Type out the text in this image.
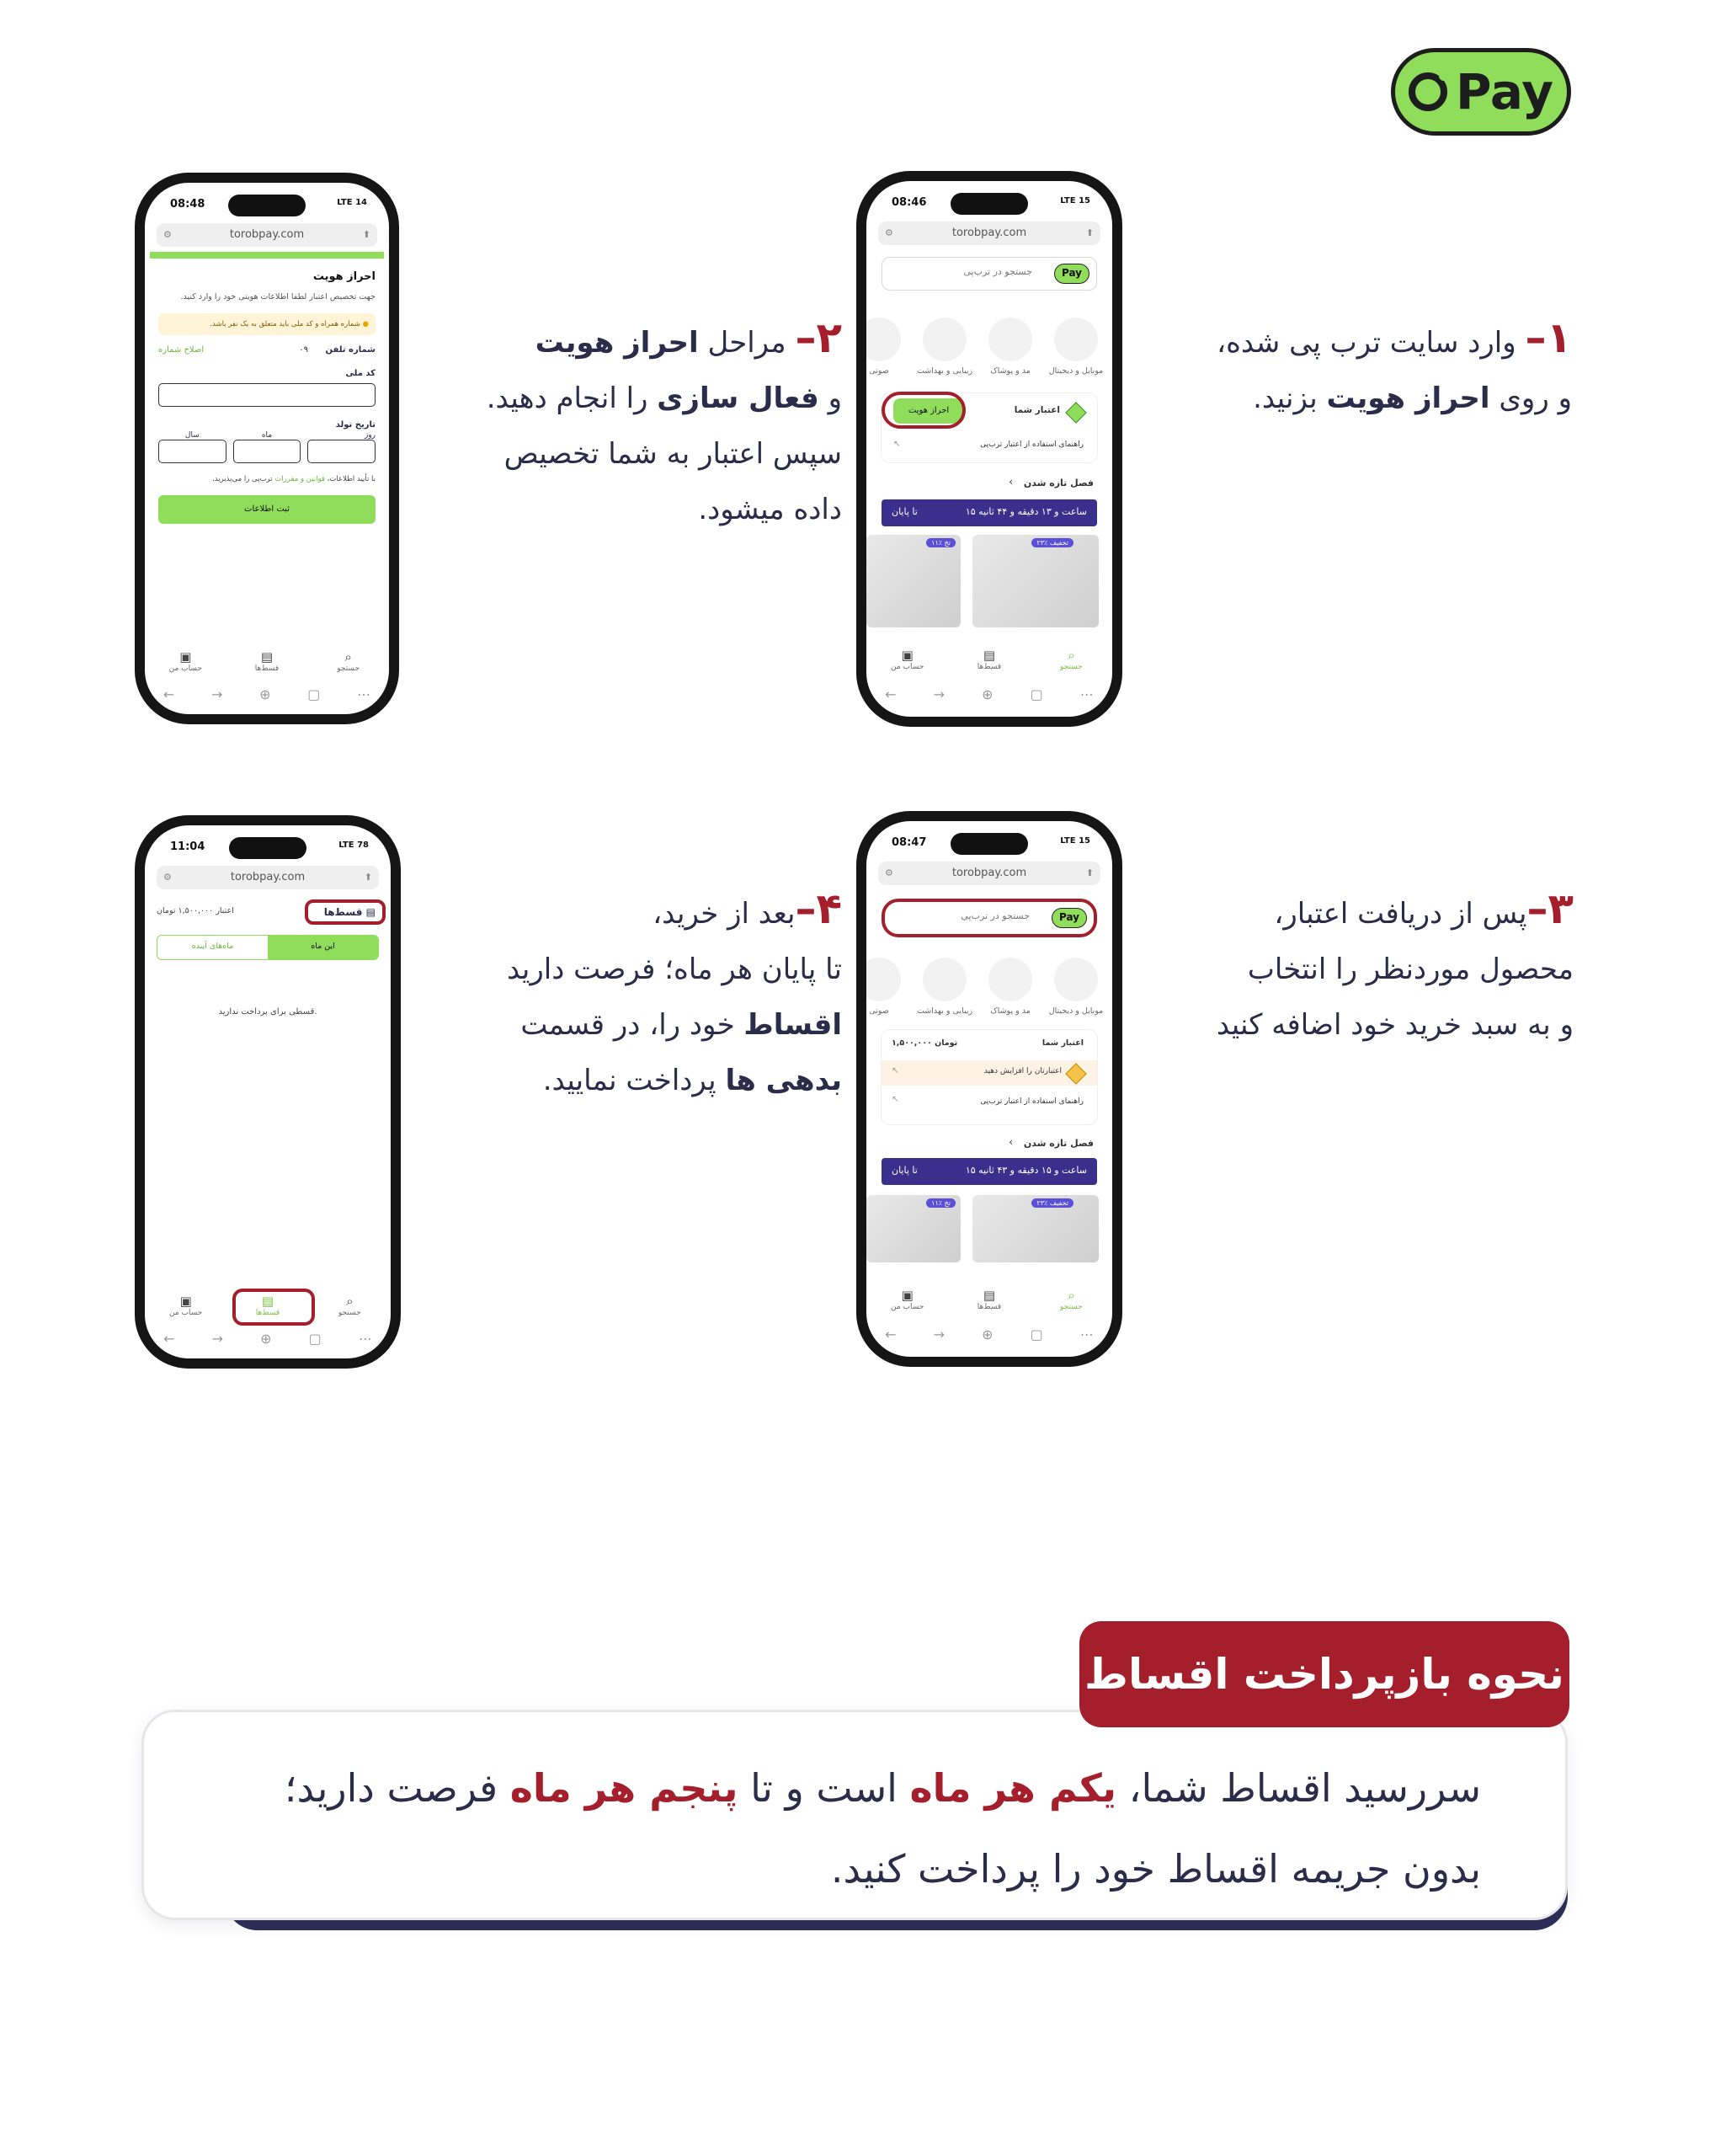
Pay
08:46	LTE 15
⚙	torobpay.com	⬆
Pay
جستجو در ترب‌پی
موبایل و دیجیتال
مد و پوشاک
زیبایی و بهداشت
صوتی
اعتبار شما
احراز هویت
راهنمای استفاده از اعتبار ترب‌پی
↖
فصل تازه شدن
‹
۱۵ ساعت و ۱۳ دقیقه و ۴۴ ثانیه
تا پایان
۲۳٪ تخفیف
۱۱٪ تخ
▣
حساب من
▤
قسط‌ها
⌕
جستجو
←	→	⊕	▢	⋯
08:48	LTE 14
⚙	torobpay.com	⬆
احراز هویت
جهت تخصیص اعتبار لطفا اطلاعات هویتی خود را وارد کنید.
● شماره همراه و کد ملی باید متعلق به یک نفر باشد.
شماره تلفن
۰۹
اصلاح شماره
کد ملی
تاریخ تولد
روز
ماه
سال
با تأیید اطلاعات، قوانین و مقررات ترب‌پی را می‌پذیرید.
ثبت اطلاعات
▣
حساب من
▤
قسط‌ها
⌕
جستجو
←	→	⊕	▢	⋯
08:47	LTE 15
⚙	torobpay.com	⬆
Pay
جستجو در ترب‌پی
موبایل و دیجیتال
مد و پوشاک
زیبایی و بهداشت
صوتی
اعتبار شما
۱,۵۰۰,۰۰۰ تومان
اعتبارتان را افزایش دهید
↖
راهنمای استفاده از اعتبار ترب‌پی
↖
فصل تازه شدن
‹
۱۵ ساعت و ۱۵ دقیقه و ۴۳ ثانیه
تا پایان
۲۳٪ تخفیف
۱۱٪ تخ
▣
حساب من
▤
قسط‌ها
⌕
جستجو
←	→	⊕	▢	⋯
11:04	LTE 78
⚙	torobpay.com	⬆
▤ قسط‌ها
اعتبار ۱,۵۰۰,۰۰۰ تومان
ماه‌های آینده	این ماه
قسطی برای پرداخت ندارید.
▣
حساب من
▤
قسط‌ها
⌕
جستجو
←	→	⊕	▢	⋯
۱– وارد سایت ترب پی شده،
و روی احراز هویت بزنید.
۲– مراحل احراز هویت
و فعال سازی را انجام دهید.
سپس اعتبار به شما تخصیص
داده میشود.
۳–پس از دریافت اعتبار،
محصول موردنظر را انتخاب
و به سبد خرید خود اضافه کنید
۴–بعد از خرید،
تا پایان هر ماه؛ فرصت دارید
اقساط خود را، در قسمت
بدهی ها پرداخت نمایید.
سررسید اقساط شما، یکم هر ماه است و تا پنجم هر ماه فرصت دارید؛
بدون جریمه اقساط خود را پرداخت کنید.
نحوه بازپرداخت اقساط
